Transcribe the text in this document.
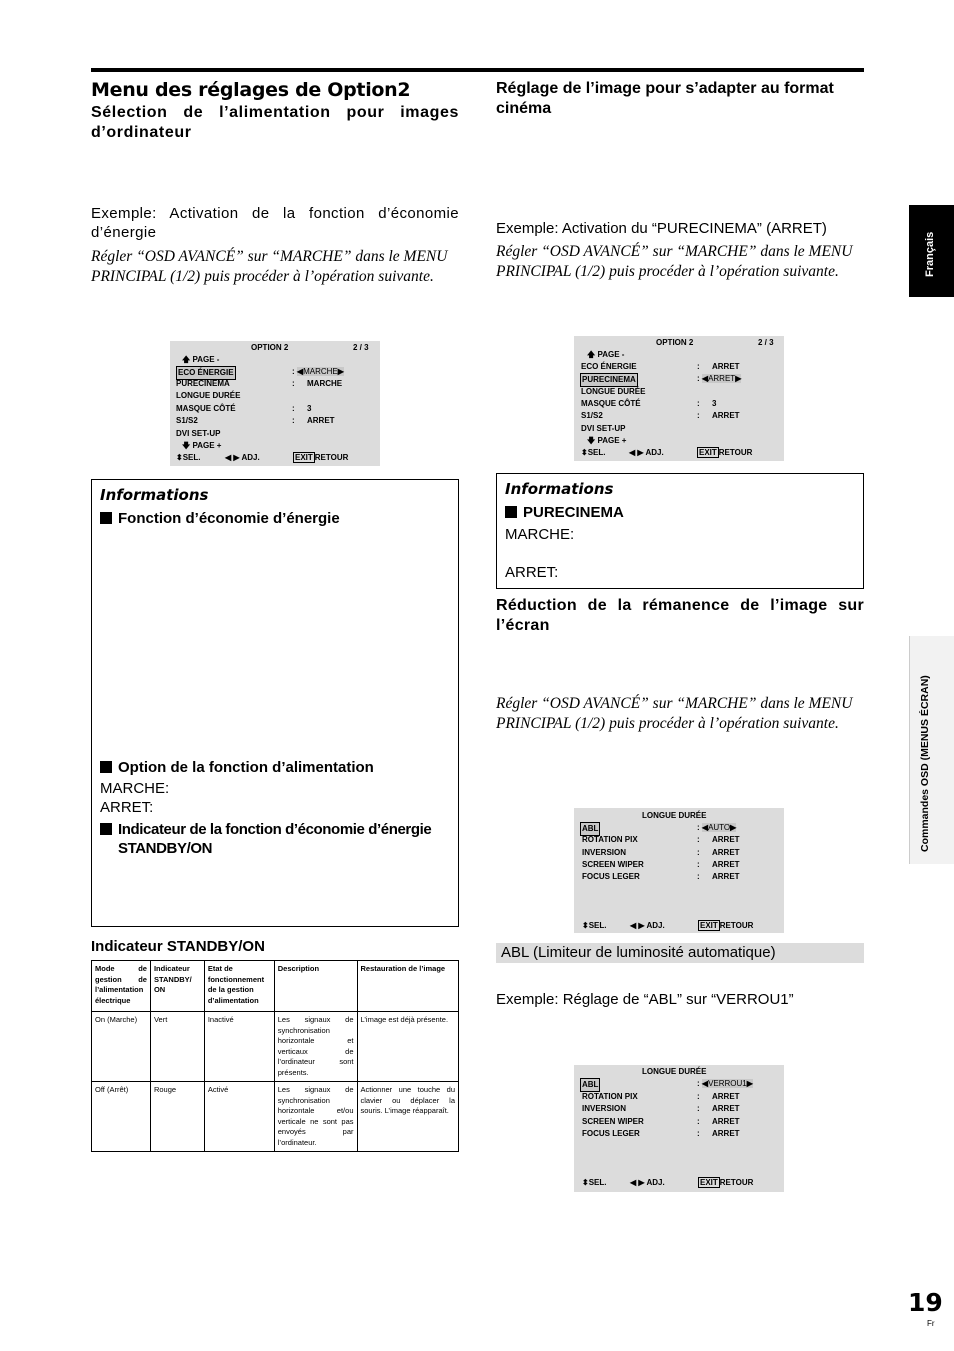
Menu des réglages de Option2
Sélection de l’alimentation pour images d’ordinateur
Exemple: Activation de la fonction d’économie d’énergie
Régler “OSD AVANCÉ” sur “MARCHE” dans le MENU PRINCIPAL (1/2) puis procéder à l’opération suivante.
OPTION 2	2 / 3
🡅 PAGE -
ECO ÉNERGIE	: ◀MARCHE▶
PURECINEMA	: MARCHE
LONGUE DURÉE
MASQUE CÔTÉ	: 3
S1/S2	: ARRET
DVI SET-UP
🡇 PAGE +
⬍SEL.	◀ ▶ ADJ.	EXIT RETOUR
Informations
Fonction d’économie d’énergie
Option de la fonction d’alimentation
MARCHE:
ARRET:
Indicateur de la fonction d’économie d’énergie STANDBY/ON
Indicateur STANDBY/ON
Mode de gestion de l’alimentation électrique	Indicateur STANDBY/ ON	Etat de fonctionnement de la gestion d’alimentation	Description	Restauration de l’image
On (Marche)	Vert	Inactivé	Les signaux de synchronisation horizontale et verticaux de l’ordinateur sont présents.	L’image est déjà présente.
Off (Arrêt)	Rouge	Activé	Les signaux de synchronisation horizontale et/ou verticale ne sont pas envoyés par l’ordinateur.	Actionner une touche du clavier ou déplacer la souris. L’image réapparaît.
Réglage de l’image pour s’adapter au format cinéma
Exemple: Activation du “PURECINEMA” (ARRET)
Régler “OSD AVANCÉ” sur “MARCHE” dans le MENU PRINCIPAL (1/2) puis procéder à l’opération suivante.
OPTION 2	2 / 3
🡅 PAGE -
ECO ÉNERGIE	: ARRET
PURECINEMA	: ◀ARRET▶
LONGUE DURÉE
MASQUE CÔTÉ	: 3
S1/S2	: ARRET
DVI SET-UP
🡇 PAGE +
⬍SEL.	◀ ▶ ADJ.	EXIT RETOUR
Informations
PURECINEMA
MARCHE:
ARRET:
Réduction de la rémanence de l’image sur l’écran
Régler “OSD AVANCÉ” sur “MARCHE” dans le MENU PRINCIPAL (1/2) puis procéder à l’opération suivante.
LONGUE DURÉE
ABL	: ◀AUTO▶
ROTATION PIX	: ARRET
INVERSION	: ARRET
SCREEN WIPER	: ARRET
FOCUS LEGER	: ARRET
⬍SEL.	◀ ▶ ADJ.	EXIT RETOUR
ABL (Limiteur de luminosité automatique)
Exemple: Réglage de “ABL” sur “VERROU1”
LONGUE DURÉE
ABL	: ◀VERROU1▶
ROTATION PIX	: ARRET
INVERSION	: ARRET
SCREEN WIPER	: ARRET
FOCUS LEGER	: ARRET
⬍SEL.	◀ ▶ ADJ.	EXIT RETOUR
Français
Commandes OSD (MENUS ÉCRAN)
19
Fr
